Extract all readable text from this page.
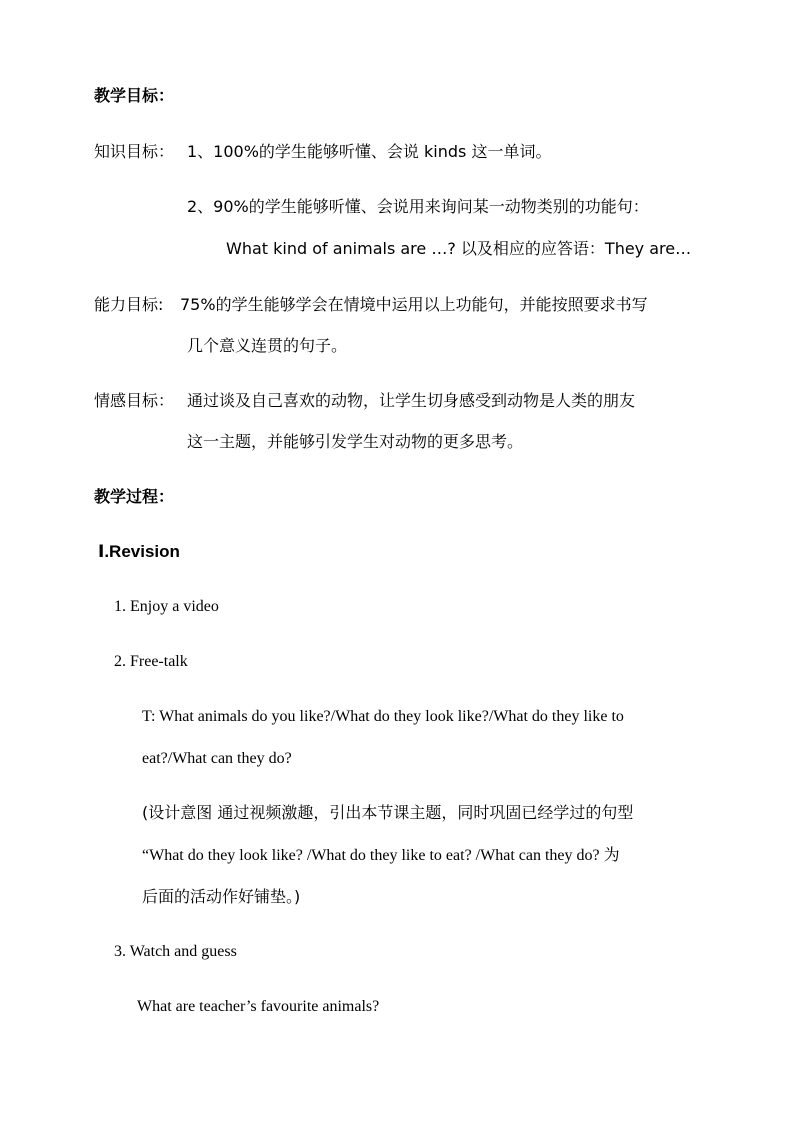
教学目标：
知识目标： 1、100%的学生能够听懂、会说 kinds 这一单词。
2、90%的学生能够听懂、会说用来询问某一动物类别的功能句：
What kind of animals are …? 以及相应的应答语：They are…
能力目标: 75%的学生能够学会在情境中运用以上功能句，并能按照要求书写
几个意义连贯的句子。
情感目标： 通过谈及自己喜欢的动物，让学生切身感受到动物是人类的朋友
这一主题，并能够引发学生对动物的更多思考。
教学过程：
Ⅰ.Revision
1. Enjoy a video
2. Free-talk
T: What animals do you like?/What do they look like?/What do they like to
eat?/What can they do?
(设计意图 通过视频激趣，引出本节课主题，同时巩固已经学过的句型
“What do they look like? /What do they like to eat? /What can they do? 为
后面的活动作好铺垫。)
3. Watch and guess
What are teacher’s favourite animals?
